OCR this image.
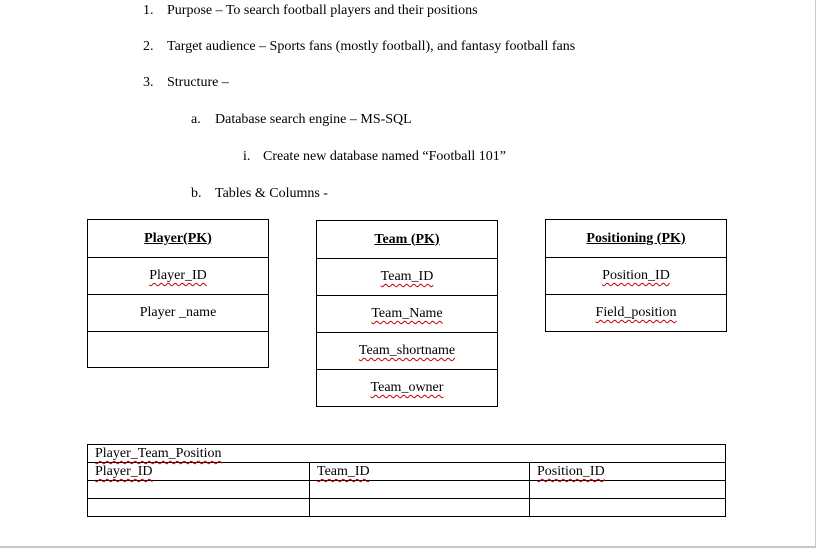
1. Purpose – To search football players and their positions
2. Target audience – Sports fans (mostly football), and fantasy football fans
3. Structure –
a. Database search engine – MS-SQL
i. Create new database named “Football 101”
b. Tables & Columns -
Player(PK)
Player_ID
Player _name

Team (PK)
Team_ID
Team_Name
Team_shortname
Team_owner
Positioning (PK)
Position_ID
Field_position
Player_Team_Position		
Player_ID	Team_ID	Position_ID
